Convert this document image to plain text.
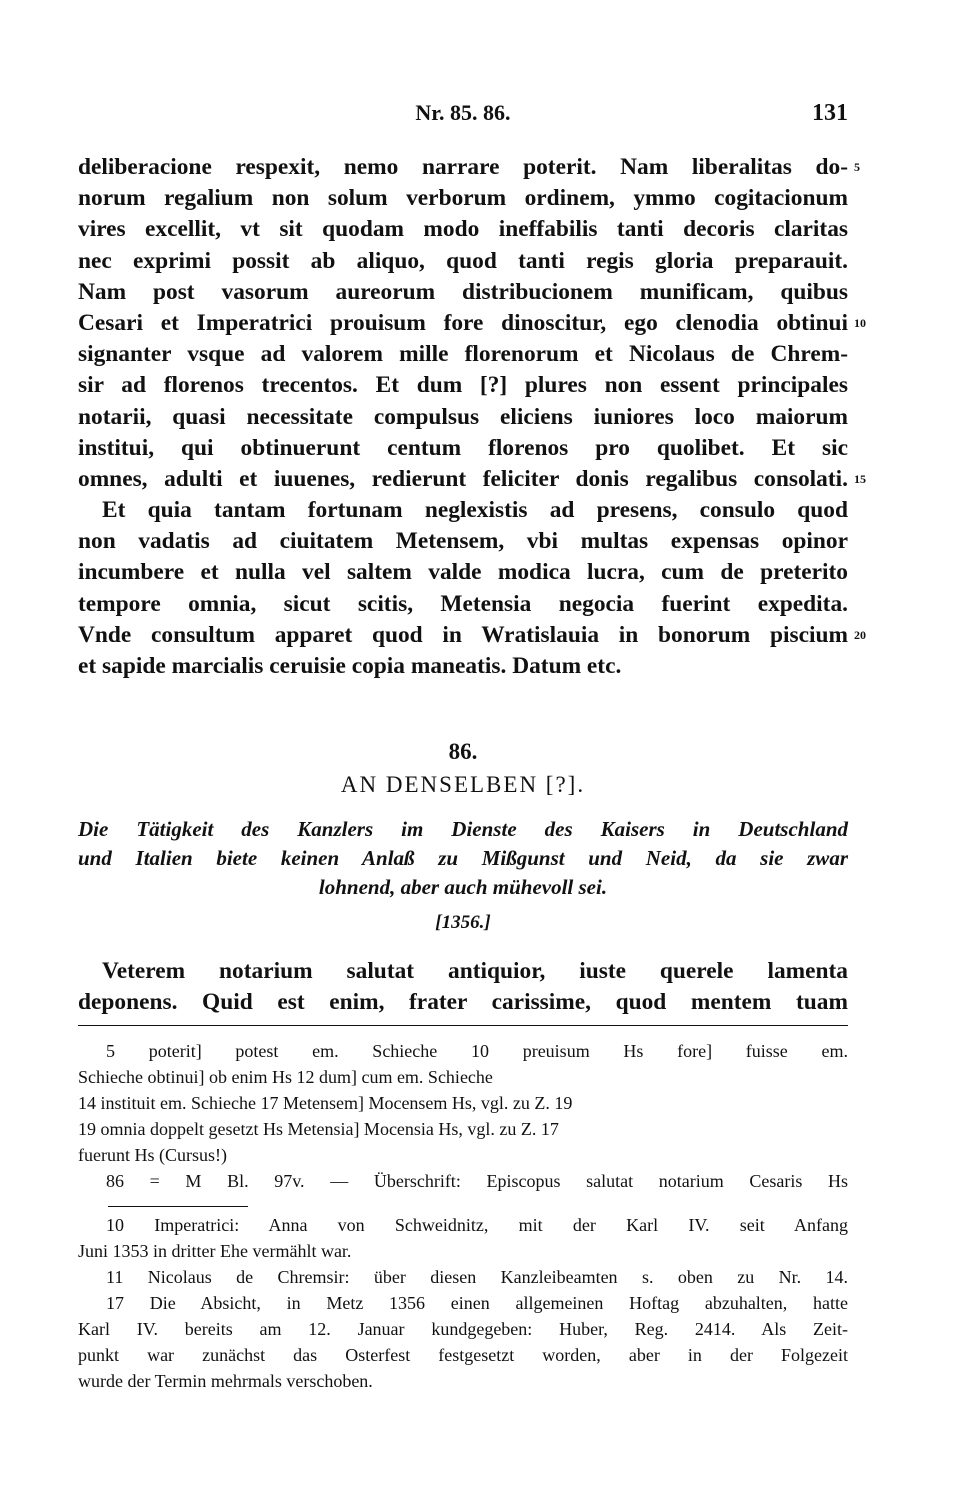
Nr. 85. 86.	131
deliberacione respexit, nemo narrare poterit. Nam liberalitas do- 5
norum regalium non solum verborum ordinem, ymmo cogitacionum
vires excellit, vt sit quodam modo ineffabilis tanti decoris claritas
nec exprimi possit ab aliquo, quod tanti regis gloria preparauit.
Nam post vasorum aureorum distribucionem munificam, quibus
Cesari et Imperatrici prouisum fore dinoscitur, ego clenodia obtinui 10
signanter vsque ad valorem mille florenorum et Nicolaus de Chrem-
sir ad florenos trecentos. Et dum [?] plures non essent principales
notarii, quasi necessitate compulsus eliciens iuniores loco maiorum
institui, qui obtinuerunt centum florenos pro quolibet. Et sic
omnes, adulti et iuuenes, redierunt feliciter donis regalibus consolati. 15
Et quia tantam fortunam neglexistis ad presens, consulo quod
non vadatis ad ciuitatem Metensem, vbi multas expensas opinor
incumbere et nulla vel saltem valde modica lucra, cum de preterito
tempore omnia, sicut scitis, Metensia negocia fuerint expedita.
Vnde consultum apparet quod in Wratislauia in bonorum piscium 20
et sapide marcialis ceruisie copia maneatis. Datum etc.
86.
AN DENSELBEN [?].
Die Tätigkeit des Kanzlers im Dienste des Kaisers in Deutschland
und Italien biete keinen Anlaß zu Mißgunst und Neid, da sie zwar
lohnend, aber auch mühevoll sei.
[1356.]
Veterem notarium salutat antiquior, iuste querele lamenta
deponens. Quid est enim, frater carissime, quod mentem tuam
5 poterit] potest em. Schieche 10 preuisum Hs fore] fuisse em.
Schieche obtinui] ob enim Hs 12 dum] cum em. Schieche
14 instituit em. Schieche 17 Metensem] Mocensem Hs, vgl. zu Z. 19
19 omnia doppelt gesetzt Hs Metensia] Mocensia Hs, vgl. zu Z. 17
fuerunt Hs (Cursus!)
86 = M Bl. 97v. — Überschrift: Episcopus salutat notarium Cesaris Hs
10 Imperatrici: Anna von Schweidnitz, mit der Karl IV. seit Anfang
Juni 1353 in dritter Ehe vermählt war.
11 Nicolaus de Chremsir: über diesen Kanzleibeamten s. oben zu Nr. 14.
17 Die Absicht, in Metz 1356 einen allgemeinen Hoftag abzuhalten, hatte
Karl IV. bereits am 12. Januar kundgegeben: Huber, Reg. 2414. Als Zeit-
punkt war zunächst das Osterfest festgesetzt worden, aber in der Folgezeit
wurde der Termin mehrmals verschoben.
